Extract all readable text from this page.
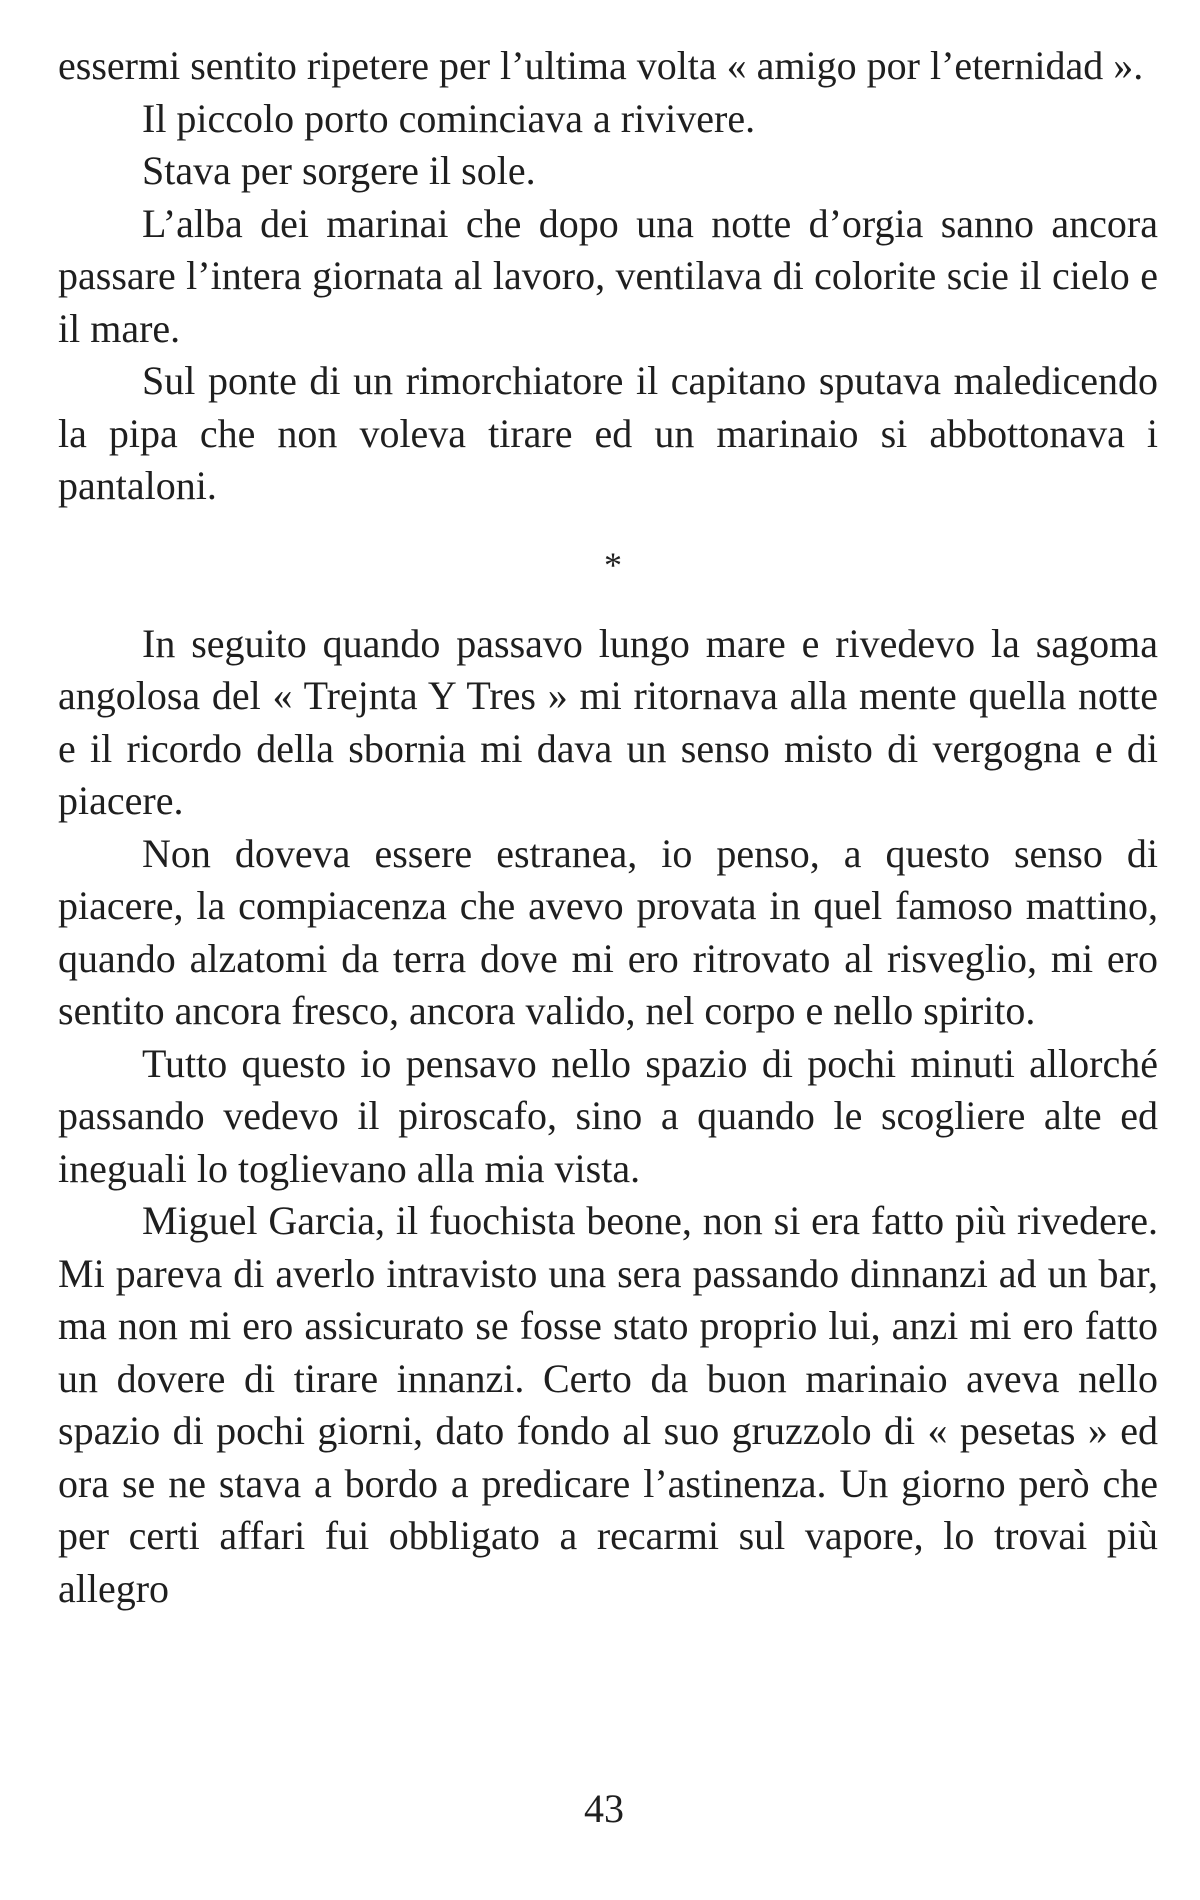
essermi sentito ripetere per l’ultima volta « amigo por l’eternidad ».

Il piccolo porto cominciava a rivivere.

Stava per sorgere il sole.

L’alba dei marinai che dopo una notte d’orgia sanno ancora passare l’intera giornata al lavoro, ventilava di colorite scie il cielo e il mare.

Sul ponte di un rimorchiatore il capitano sputava maledicendo la pipa che non voleva tirare ed un marinaio si abbottonava i pantaloni.

*

In seguito quando passavo lungo mare e rivedevo la sagoma angolosa del « Trejnta Y Tres » mi ritornava alla mente quella notte e il ricordo della sbornia mi dava un senso misto di vergogna e di piacere.

Non doveva essere estranea, io penso, a questo senso di piacere, la compiacenza che avevo provata in quel famoso mattino, quando alzatomi da terra dove mi ero ritrovato al risveglio, mi ero sentito ancora fresco, ancora valido, nel corpo e nello spirito.

Tutto questo io pensavo nello spazio di pochi minuti allorché passando vedevo il piroscafo, sino a quando le scogliere alte ed ineguali lo toglievano alla mia vista.

Miguel Garcia, il fuochista beone, non si era fatto più rivedere. Mi pareva di averlo intravisto una sera passando dinnanzi ad un bar, ma non mi ero assicurato se fosse stato proprio lui, anzi mi ero fatto un dovere di tirare innanzi. Certo da buon marinaio aveva nello spazio di pochi giorni, dato fondo al suo gruzzolo di « pesetas » ed ora se ne stava a bordo a predicare l’astinenza. Un giorno però che per certi affari fui obbligato a recarmi sul vapore, lo trovai più allegro

43
